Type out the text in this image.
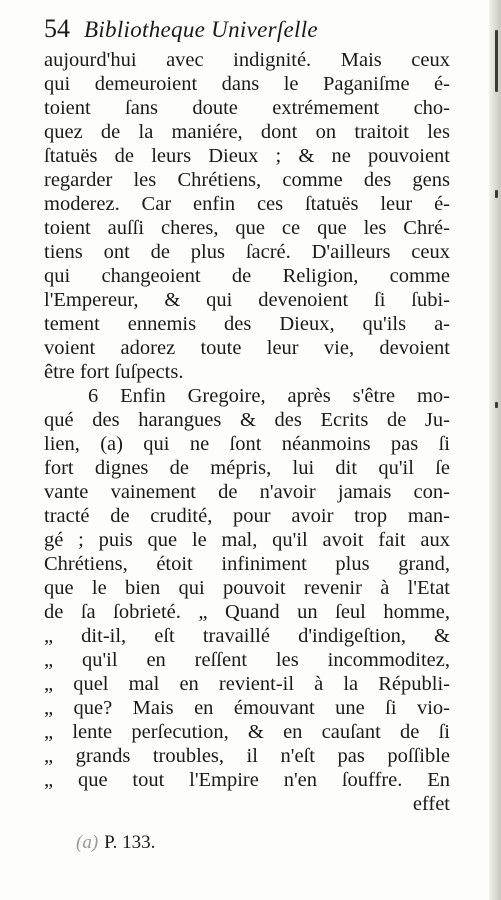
54 Bibliotheque Univerſelle
aujourd'hui avec indignité. Mais ceux
qui demeuroient dans le Paganiſme é-
toient ſans doute extrémement cho-
quez de la maniére, dont on traitoit les
ſtatuës de leurs Dieux ; & ne pouvoient
regarder les Chrétiens, comme des gens
moderez. Car enfin ces ſtatuës leur é-
toient auſſi cheres, que ce que les Chré-
tiens ont de plus ſacré. D'ailleurs ceux
qui changeoient de Religion, comme
l'Empereur, & qui devenoient ſi ſubi-
tement ennemis des Dieux, qu'ils a-
voient adorez toute leur vie, devoient
être fort ſuſpects.
6 Enfin Gregoire, après s'être mo-
qué des harangues & des Ecrits de Ju-
lien, (a) qui ne ſont néanmoins pas ſi
fort dignes de mépris, lui dit qu'il ſe
vante vainement de n'avoir jamais con-
tracté de crudité, pour avoir trop man-
gé ; puis que le mal, qu'il avoit fait aux
Chrétiens, étoit infiniment plus grand,
que le bien qui pouvoit revenir à l'Etat
de ſa ſobrieté. „ Quand un ſeul homme,
„ dit-il, eſt travaillé d'indigeſtion, &
„ qu'il en reſſent les incommoditez,
„ quel mal en revient-il à la Républi-
„ que? Mais en émouvant une ſi vio-
„ lente perſecution, & en cauſant de ſi
„ grands troubles, il n'eſt pas poſſible
„ que tout l'Empire n'en ſouffre. En
effet
(a) P. 133.
